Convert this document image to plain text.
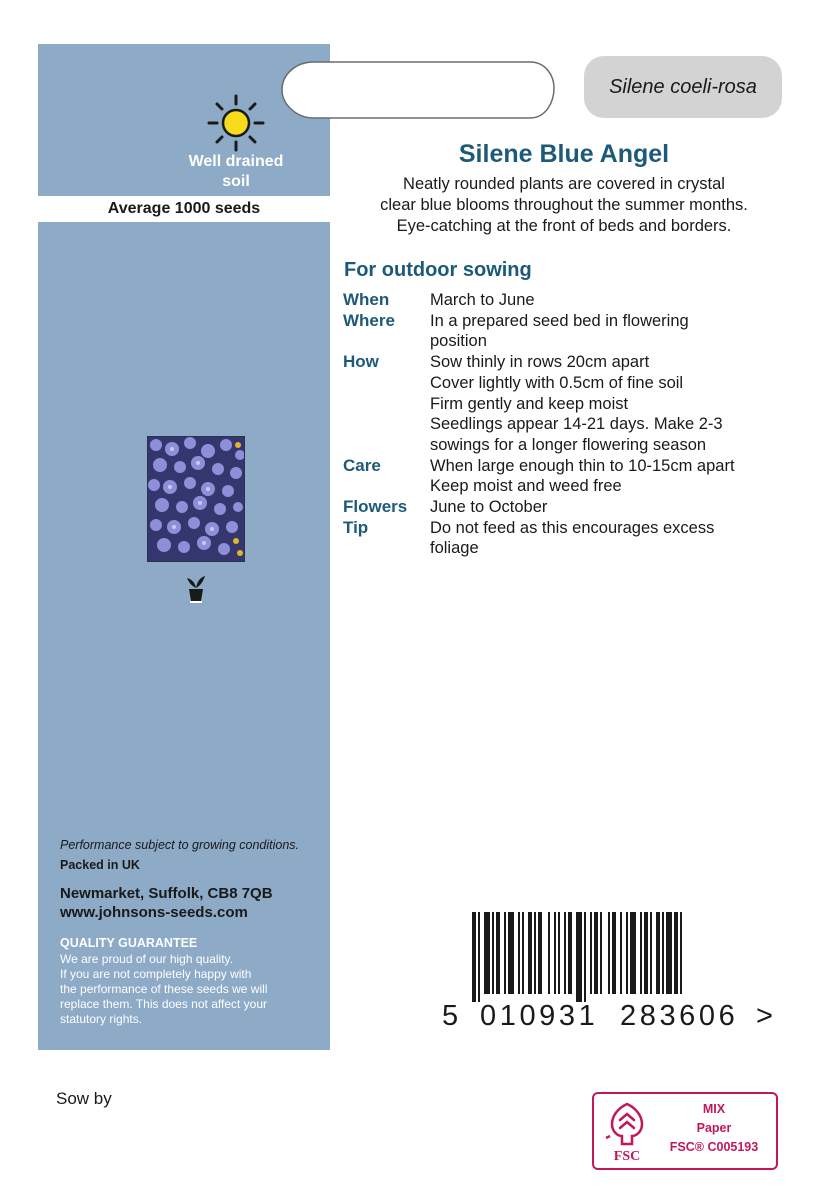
Well drained
soil
Average 1000 seeds
Performance subject to growing conditions.
Packed in UK
Newmarket, Suffolk, CB8 7QB
www.johnsons-seeds.com
QUALITY GUARANTEE
We are proud of our high quality.
If you are not completely happy with
the performance of these seeds we will
replace them. This does not affect your
statutory rights.
Silene coeli-rosa
Silene Blue Angel
Neatly rounded plants are covered in crystal
clear blue blooms throughout the summer months.
Eye-catching at the front of beds and borders.
For outdoor sowing
When	March to June
Where	In a prepared seed bed in flowering
position
How	Sow thinly in rows 20cm apart
Cover lightly with 0.5cm of fine soil
Firm gently and keep moist
Seedlings appear 14-21 days. Make 2-3
sowings for a longer flowering season
Care	When large enough thin to 10-15cm apart
Keep moist and weed free
Flowers	June to October
Tip	Do not feed as this encourages excess
foliage
5 010931 283606 >
Sow by
FSC
MIX
Paper
FSC® C005193
